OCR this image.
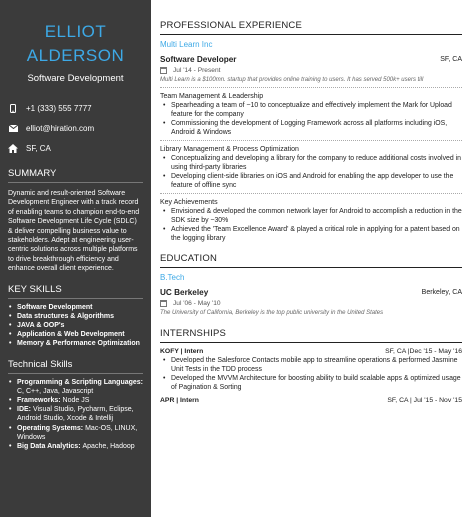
ELLIOT
ALDERSON
Software Development
+1 (333) 555 7777
elliot@hiration.com
SF, CA
SUMMARY
Dynamic and result-oriented Software Development Engineer with a track record of enabling teams to champion end-to-end Software Development Life Cycle (SDLC) & deliver compelling business value to stakeholders. Adept at engineering user-centric solutions across multiple platforms to drive breakthrough efficiency and enhance overall client experience.
KEY SKILLS
• Software Development
• Data structures & Algorithms
• JAVA & OOP's
• Application & Web Development
• Memory & Performance Optimization
Technical Skills
• Programming & Scripting Languages: C, C++, Java, Javascript
• Frameworks: Node JS
• IDE: Visual Studio, Pycharm, Eclipse, Android Studio, Xcode & Intellij
• Operating Systems: Mac-OS, LINUX, Windows
• Big Data Analytics: Apache, Hadoop
PROFESSIONAL EXPERIENCE
Multi Learn Inc
Software Developer	SF, CA
Jul '14 - Present
Multi Learn is a $100mn. startup that provides online training to users. It has served 500k+ users till
Team Management & Leadership
• Spearheading a team of ~10 to conceptualize and effectively implement the Mark for Upload feature for the company
• Commissioning the development of Logging Framework across all platforms including iOS, Android & Windows
Library Management & Process Optimization
• Conceptualizing and developing a library for the company to reduce additional costs involved in using third-party libraries
• Developing client-side libraries on iOS and Android for enabling the app developer to use the feature of offline sync
Key Achievements
• Envisioned & developed the common network layer for Android to accomplish a reduction in the SDK size by ~30%
• Achieved the 'Team Excellence Award' & played a critical role in applying for a patent based on the logging library
EDUCATION
B.Tech
UC Berkeley	Berkeley, CA
Jul '06 - May '10
The University of California, Berkeley is the top public university in the United States
INTERNSHIPS
KOFY | Intern	SF, CA |Dec '15 - May '16
• Developed the Salesforce Contacts mobile app to streamline operations & performed Jasmine Unit Tests in the TDD process
• Developed the MVVM Architecture for boosting ability to build scalable apps & optimized usage of Pagination & Sorting
APR | Intern	SF, CA | Jul '15 - Nov '15
